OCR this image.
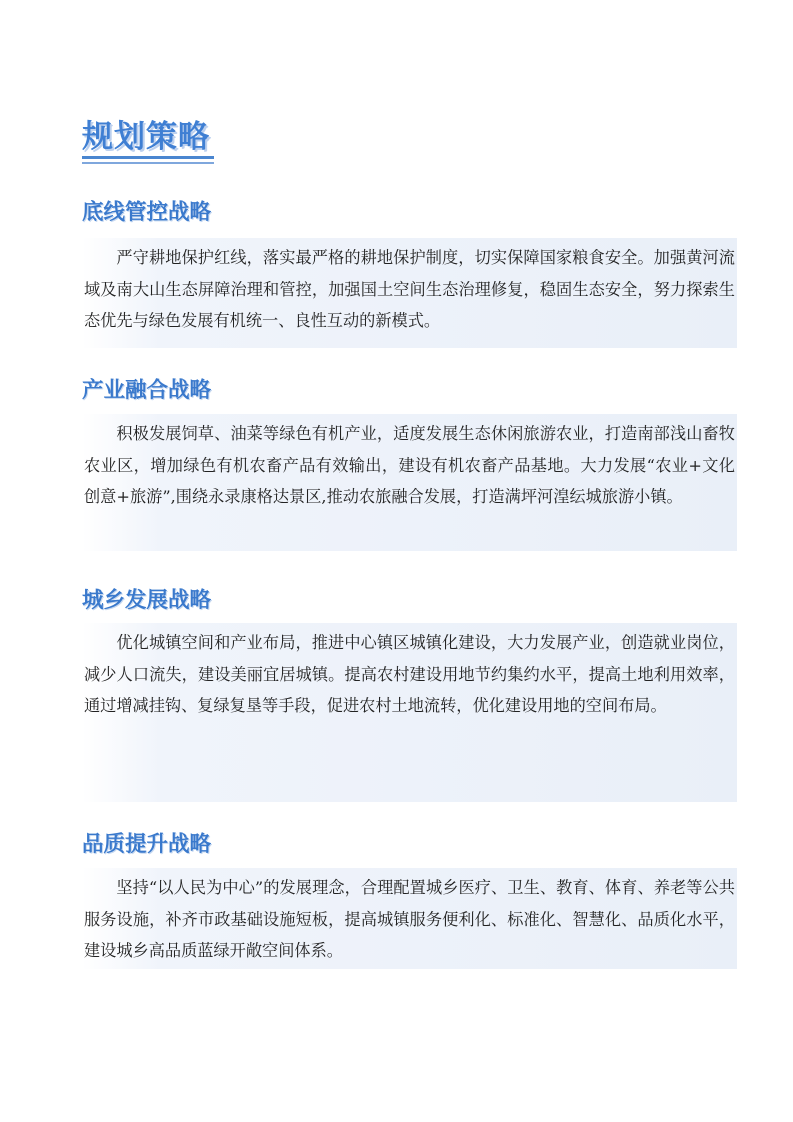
规划策略
底线管控战略

严守耕地保护红线，落实最严格的耕地保护制度，切实保障国家粮食安全。加强黄河流域及南大山生态屏障治理和管控，加强国土空间生态治理修复，稳固生态安全，努力探索生态优先与绿色发展有机统一、良性互动的新模式。

产业融合战略

积极发展饲草、油菜等绿色有机产业，适度发展生态休闲旅游农业，打造南部浅山畜牧农业区，增加绿色有机农畜产品有效输出，建设有机农畜产品基地。大力发展“农业+文化创意+旅游”,围绕永录康格达景区,推动农旅融合发展，打造满坪河湟纭城旅游小镇。

城乡发展战略

优化城镇空间和产业布局，推进中心镇区城镇化建设，大力发展产业，创造就业岗位，减少人口流失，建设美丽宜居城镇。提高农村建设用地节约集约水平，提高土地利用效率，通过增减挂钩、复绿复垦等手段，促进农村土地流转，优化建设用地的空间布局。

品质提升战略

坚持“以人民为中心”的发展理念，合理配置城乡医疗、卫生、教育、体育、养老等公共服务设施，补齐市政基础设施短板，提高城镇服务便利化、标准化、智慧化、品质化水平，建设城乡高品质蓝绿开敞空间体系。
